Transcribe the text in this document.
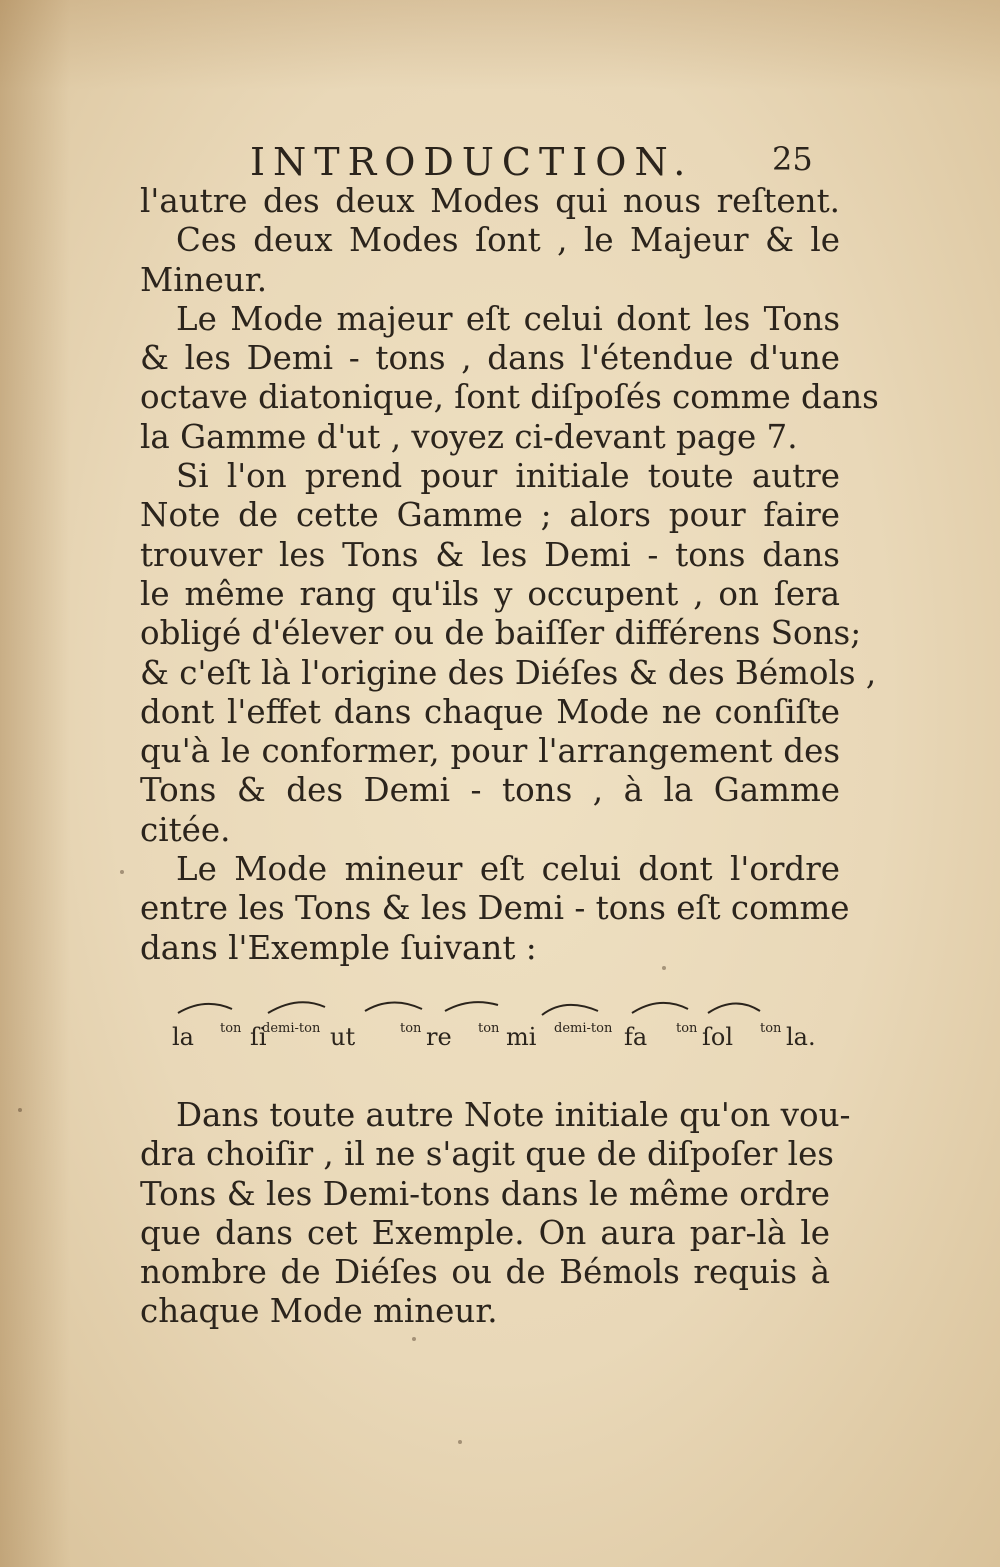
INTRODUCTION. 25
l'autre des deux Modes qui nous reſtent.
Ces deux Modes ſont , le Majeur & le
Mineur.
Le Mode majeur eſt celui dont les Tons
& les Demi - tons , dans l'étendue d'une
octave diatonique, ſont diſpoſés comme dans
la Gamme d'ut , voyez ci-devant page 7.
Si l'on prend pour initiale toute autre
Note de cette Gamme ; alors pour faire
trouver les Tons & les Demi - tons dans
le même rang qu'ils y occupent , on ſera
obligé d'élever ou de baiſſer différens Sons;
& c'eſt là l'origine des Diéſes & des Bémols ,
dont l'effet dans chaque Mode ne conſiſte
qu'à le conformer, pour l'arrangement des
Tons & des Demi - tons , à la Gamme
citée.
Le Mode mineur eſt celui dont l'ordre
entre les Tons & les Demi - tons eſt comme
dans l'Exemple ſuivant :
la ton ſi
demi-ton ut	ton re ton mi demi-ton fa ton ſol ton la.
Dans toute autre Note initiale qu'on vou-
dra choiſir , il ne s'agit que de diſpoſer les
Tons & les Demi-tons dans le même ordre
que dans cet Exemple. On aura par-là le
nombre de Diéſes ou de Bémols requis à
chaque Mode mineur.
